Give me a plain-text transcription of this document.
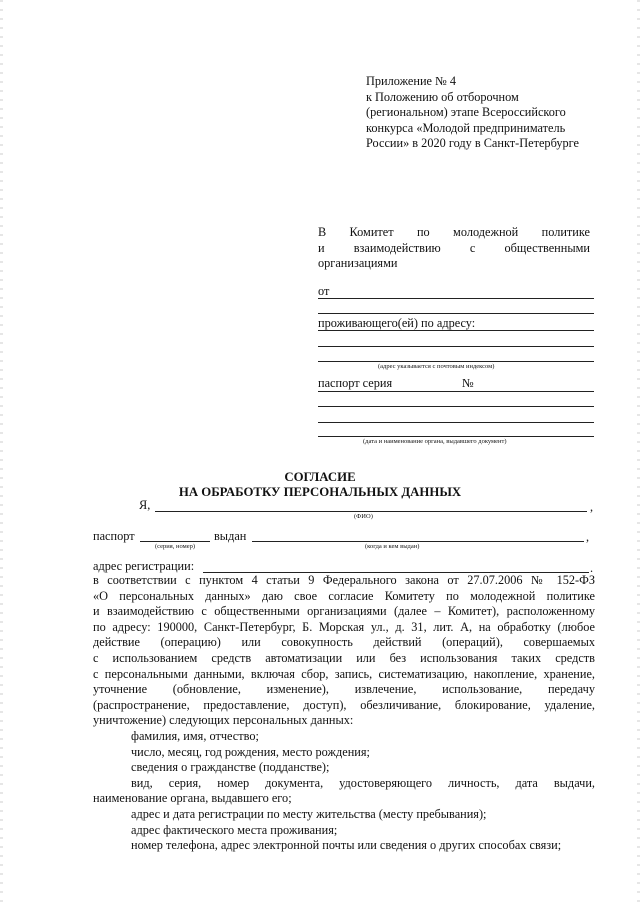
Приложение № 4
к Положению об отборочном
(региональном) этапе Всероссийского
конкурса «Молодой предприниматель
России» в 2020 году в Санкт-Петербурге
В Комитет по молодежной политике
и взаимодействию с общественными
организациями
от
проживающего(ей) по адресу:
(адрес указывается с почтовым индексом)
паспорт серия	№
(дата и наименование органа, выдавшего документ)
СОГЛАСИЕ
НА ОБРАБОТКУ ПЕРСОНАЛЬНЫХ ДАННЫХ
Я,	,
(ФИО)
паспорт	выдан	,
(серия, номер)	(когда и кем выдан)
адрес регистрации:	.
в соответствии с пунктом 4 статьи 9 Федерального закона от 27.07.2006 № 152-ФЗ
«О персональных данных» даю свое согласие Комитету по молодежной политике
и взаимодействию с общественными организациями (далее – Комитет), расположенному
по адресу: 190000, Санкт-Петербург, Б. Морская ул., д. 31, лит. А, на обработку (любое
действие (операцию) или совокупность действий (операций), совершаемых
с использованием средств автоматизации или без использования таких средств
с персональными данными, включая сбор, запись, систематизацию, накопление, хранение,
уточнение (обновление, изменение), извлечение, использование, передачу
(распространение, предоставление, доступ), обезличивание, блокирование, удаление,
уничтожение) следующих персональных данных:
фамилия, имя, отчество;
число, месяц, год рождения, место рождения;
сведения о гражданстве (подданстве);
вид, серия, номер документа, удостоверяющего личность, дата выдачи,
наименование органа, выдавшего его;
адрес и дата регистрации по месту жительства (месту пребывания);
адрес фактического места проживания;
номер телефона, адрес электронной почты или сведения о других способах связи;
